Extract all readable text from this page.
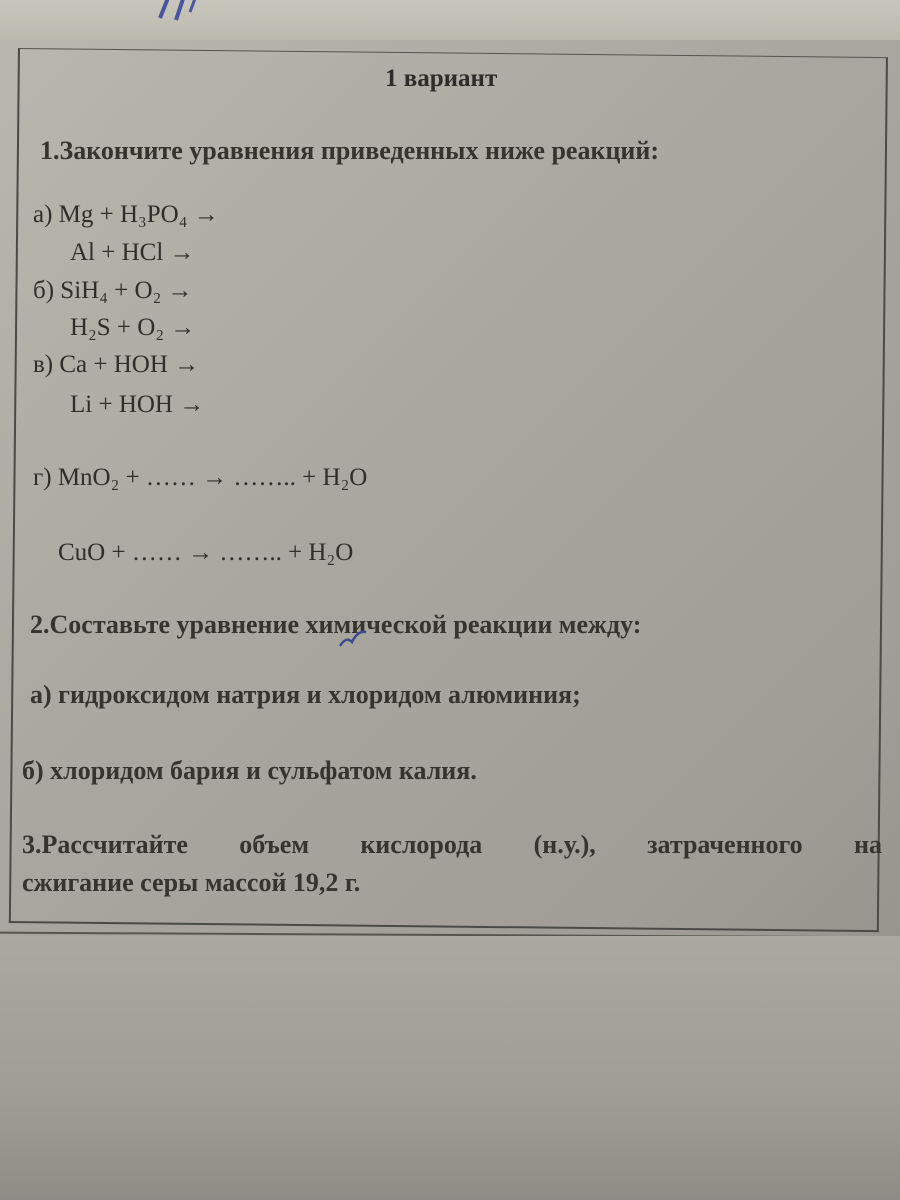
1 вариант
1.Закончите уравнения приведенных ниже реакций:
а) Mg + H₃PO₄ →
Al + HCl →
б) SiH₄ + O₂ →
H₂S + O₂ →
в) Ca + HOH →
Li + HOH →
г) MnO₂ + …… → …….. + H₂O
CuO + …… → …….. + H₂O
2.Составьте уравнение химической реакции между:
а) гидроксидом натрия и хлоридом алюминия;
б) хлоридом бария и сульфатом калия.
3.Рассчитайте объем кислорода (н.у.), затраченного на
сжигание серы массой 19,2 г.
